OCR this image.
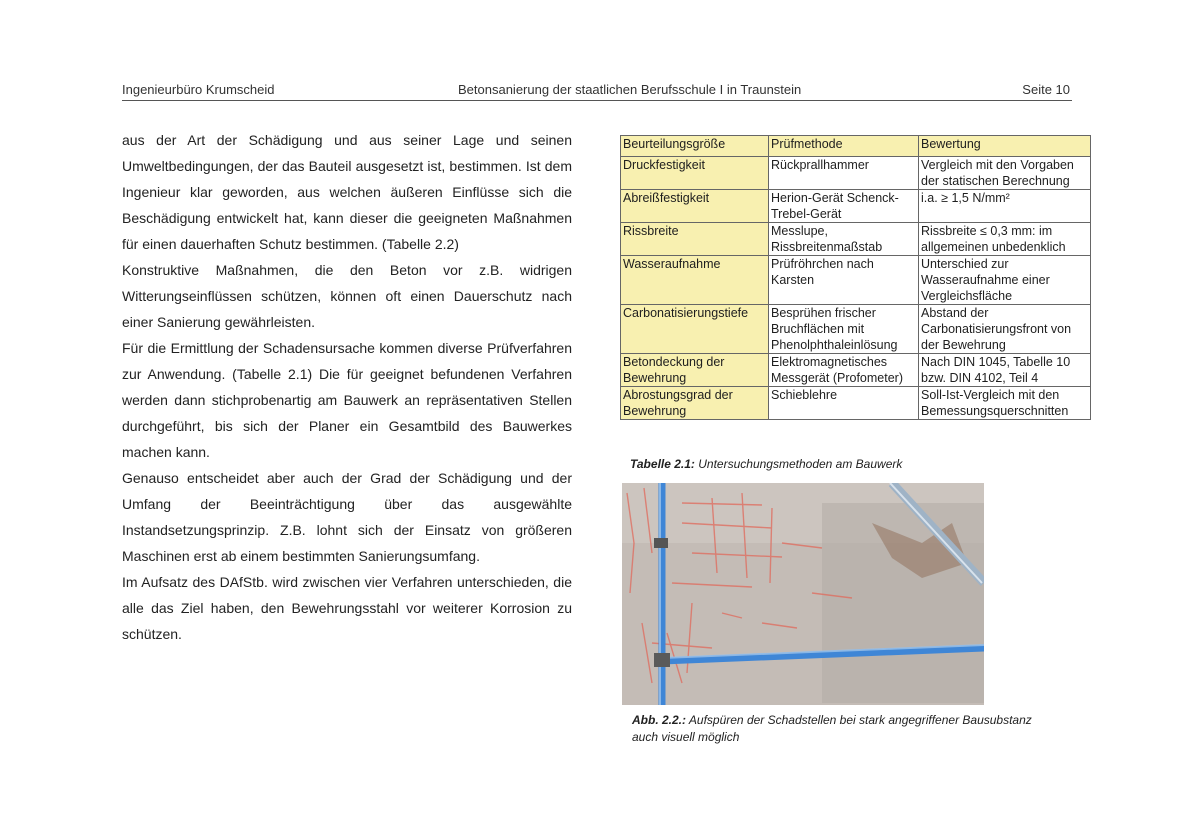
Ingenieurbüro Krumscheid	Betonsanierung der staatlichen Berufsschule I in Traunstein	Seite 10

aus der Art der Schädigung und aus seiner Lage und seinen Umweltbedingungen, der das Bauteil ausgesetzt ist, bestimmen. Ist dem Ingenieur klar geworden, aus welchen äußeren Einflüsse sich die Beschädigung entwickelt hat, kann dieser die geeigneten Maßnahmen für einen dauerhaften Schutz bestimmen. (Tabelle 2.2)

Konstruktive Maßnahmen, die den Beton vor z.B. widrigen Witterungseinflüssen schützen, können oft einen Dauerschutz nach einer Sanierung gewährleisten.

Für die Ermittlung der Schadensursache kommen diverse Prüfverfahren zur Anwendung. (Tabelle 2.1) Die für geeignet befundenen Verfahren werden dann stichprobenartig am Bauwerk an repräsentativen Stellen durchgeführt, bis sich der Planer ein Gesamtbild des Bauwerkes machen kann.

Genauso entscheidet aber auch der Grad der Schädigung und der Umfang der Beeinträchtigung über das ausgewählte Instandsetzungsprinzip. Z.B. lohnt sich der Einsatz von größeren Maschinen erst ab einem bestimmten Sanierungsumfang.

Im Aufsatz des DAfStb. wird zwischen vier Verfahren unterschieden, die alle das Ziel haben, den Bewehrungsstahl vor weiterer Korrosion zu schützen.

Beurteilungsgröße	Prüfmethode	Bewertung
Druckfestigkeit	Rückprallhammer	Vergleich mit den Vorgaben der statischen Berechnung
Abreißfestigkeit	Herion-Gerät Schenck-Trebel-Gerät	i.a. ≥ 1,5 N/mm²
Rissbreite	Messlupe, Rissbreitenmaßstab	Rissbreite ≤ 0,3 mm: im allgemeinen unbedenklich
Wasseraufnahme	Prüfröhrchen nach Karsten	Unterschied zur Wasseraufnahme einer Vergleichsfläche
Carbonatisierungstiefe	Besprühen frischer Bruchflächen mit Phenolphthaleinlösung	Abstand der Carbonatisierungsfront von der Bewehrung
Betondeckung der Bewehrung	Elektromagnetisches Messgerät (Profometer)	Nach DIN 1045, Tabelle 10 bzw. DIN 4102, Teil 4
Abrostungsgrad der Bewehrung	Schieblehre	Soll-Ist-Vergleich mit den Bemessungsquerschnitten
Tabelle 2.1: Untersuchungsmethoden am Bauwerk
Abb. 2.2.: Aufspüren der Schadstellen bei stark angegriffener Bausubstanz auch visuell möglich
